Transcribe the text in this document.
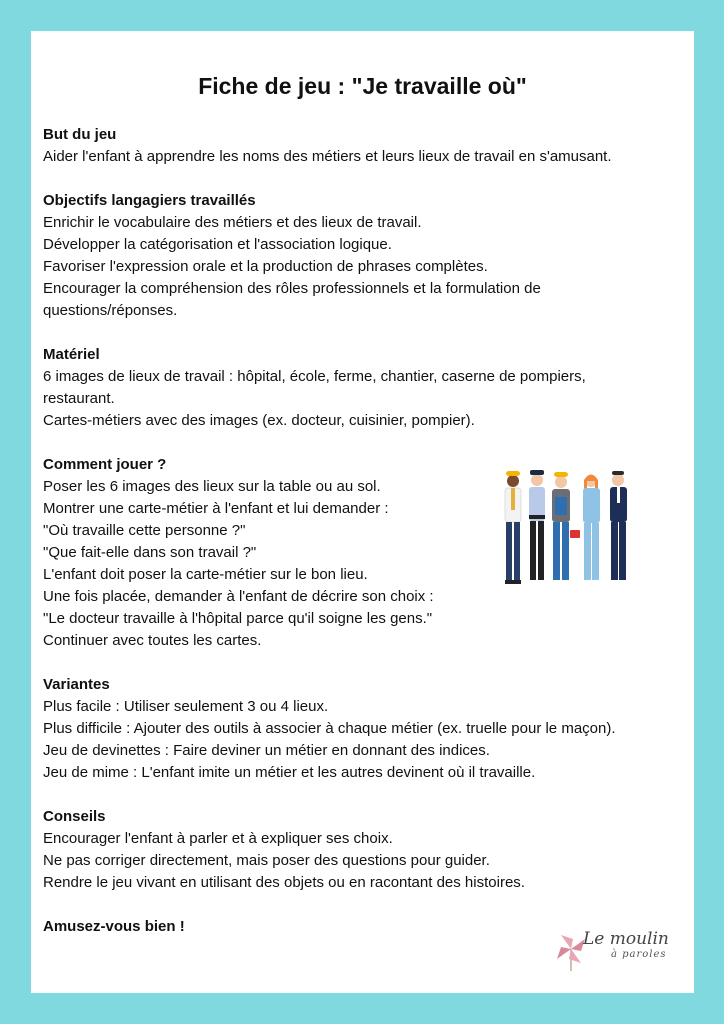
Fiche de jeu : "Je travaille où"
But du jeu
Aider l'enfant à apprendre les noms des métiers et leurs lieux de travail en s'amusant.
Objectifs langagiers travaillés
Enrichir le vocabulaire des métiers et des lieux de travail.
Développer la catégorisation et l'association logique.
Favoriser l'expression orale et la production de phrases complètes.
Encourager la compréhension des rôles professionnels et la formulation de
questions/réponses.
Matériel
6 images de lieux de travail : hôpital, école, ferme, chantier, caserne de pompiers,
restaurant.
Cartes-métiers avec des images (ex. docteur, cuisinier, pompier).
Comment jouer ?
Poser les 6 images des lieux sur la table ou au sol.
Montrer une carte-métier à l'enfant et lui demander :
"Où travaille cette personne ?"
"Que fait-elle dans son travail ?"
L'enfant doit poser la carte-métier sur le bon lieu.
Une fois placée, demander à l'enfant de décrire son choix :
"Le docteur travaille à l'hôpital parce qu'il soigne les gens."
Continuer avec toutes les cartes.
Variantes
Plus facile : Utiliser seulement 3 ou 4 lieux.
Plus difficile : Ajouter des outils à associer à chaque métier (ex. truelle pour le maçon).
Jeu de devinettes : Faire deviner un métier en donnant des indices.
Jeu de mime : L'enfant imite un métier et les autres devinent où il travaille.
Conseils
Encourager l'enfant à parler et à expliquer ses choix.
Ne pas corriger directement, mais poser des questions pour guider.
Rendre le jeu vivant en utilisant des objets ou en racontant des histoires.
Amusez-vous bien !
Le moulin
à paroles
